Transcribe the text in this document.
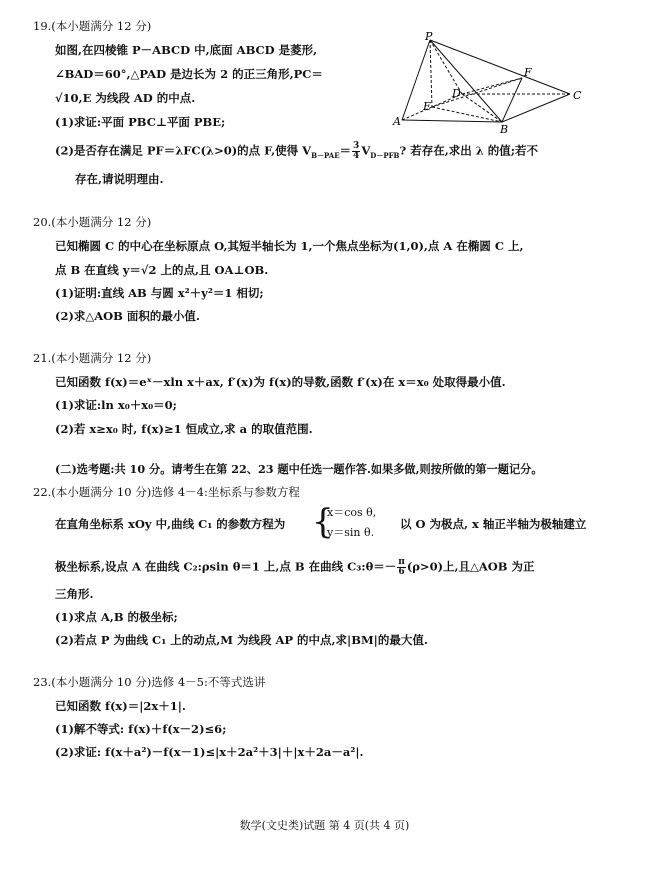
19.(本小题满分 12 分)
如图,在四棱锥 P－ABCD 中,底面 ABCD 是菱形,
∠BAD＝60°,△PAD 是边长为 2 的正三角形,PC＝
√10,E 为线段 AD 的中点.
(1)求证:平面 PBC⊥平面 PBE;
(2)是否存在满足 PF＝λFC(λ>0)的点 F,使得 $V_{B-PAE}= \frac{3}{4} V_{D-PFB}$? 若存在,求出 λ 的值;若不
存在,请说明理由.
P
F
D	C
E
A
B
20.(本小题满分 12 分)
已知椭圆 C 的中心在坐标原点 O,其短半轴长为 1,一个焦点坐标为(1,0),点 A 在椭圆 C 上,
点 B 在直线 y＝√2 上的点,且 OA⊥OB.
(1)证明:直线 AB 与圆 x²＋y²＝1 相切;
(2)求△AOB 面积的最小值.
21.(本小题满分 12 分)
已知函数 f(x)＝eˣ－xln x＋ax, f′(x)为 f(x)的导数,函数 f′(x)在 x＝x₀ 处取得最小值.
(1)求证:ln x₀＋x₀＝0;
(2)若 x≥x₀ 时, f(x)≥1 恒成立,求 a 的取值范围.
(二)选考题:共 10 分。请考生在第 22、23 题中任选一题作答.如果多做,则按所做的第一题记分。
22.(本小题满分 10 分)选修 4－4:坐标系与参数方程
在直角坐标系 xOy 中,曲线 C₁ 的参数方程为 {
x＝cos θ,
y＝sin θ.
以 O 为极点, x 轴正半轴为极轴建立
极坐标系,设点 A 在曲线 C₂:ρsin θ＝1 上,点 B 在曲线 C₃:θ＝－ $\frac{\pi}{6} (\rho>0)$上,且△AOB 为正
三角形.
(1)求点 A,B 的极坐标;
(2)若点 P 为曲线 C₁ 上的动点,M 为线段 AP 的中点,求|BM|的最大值.
23.(本小题满分 10 分)选修 4－5:不等式选讲
已知函数 f(x)＝|2x＋1|.
(1)解不等式: f(x)＋f(x－2)≤6;
(2)求证: f(x＋a²)－f(x－1)≤|x＋2a²＋3|＋|x＋2a－a²|.
数学(文史类)试题 第 4 页(共 4 页)
